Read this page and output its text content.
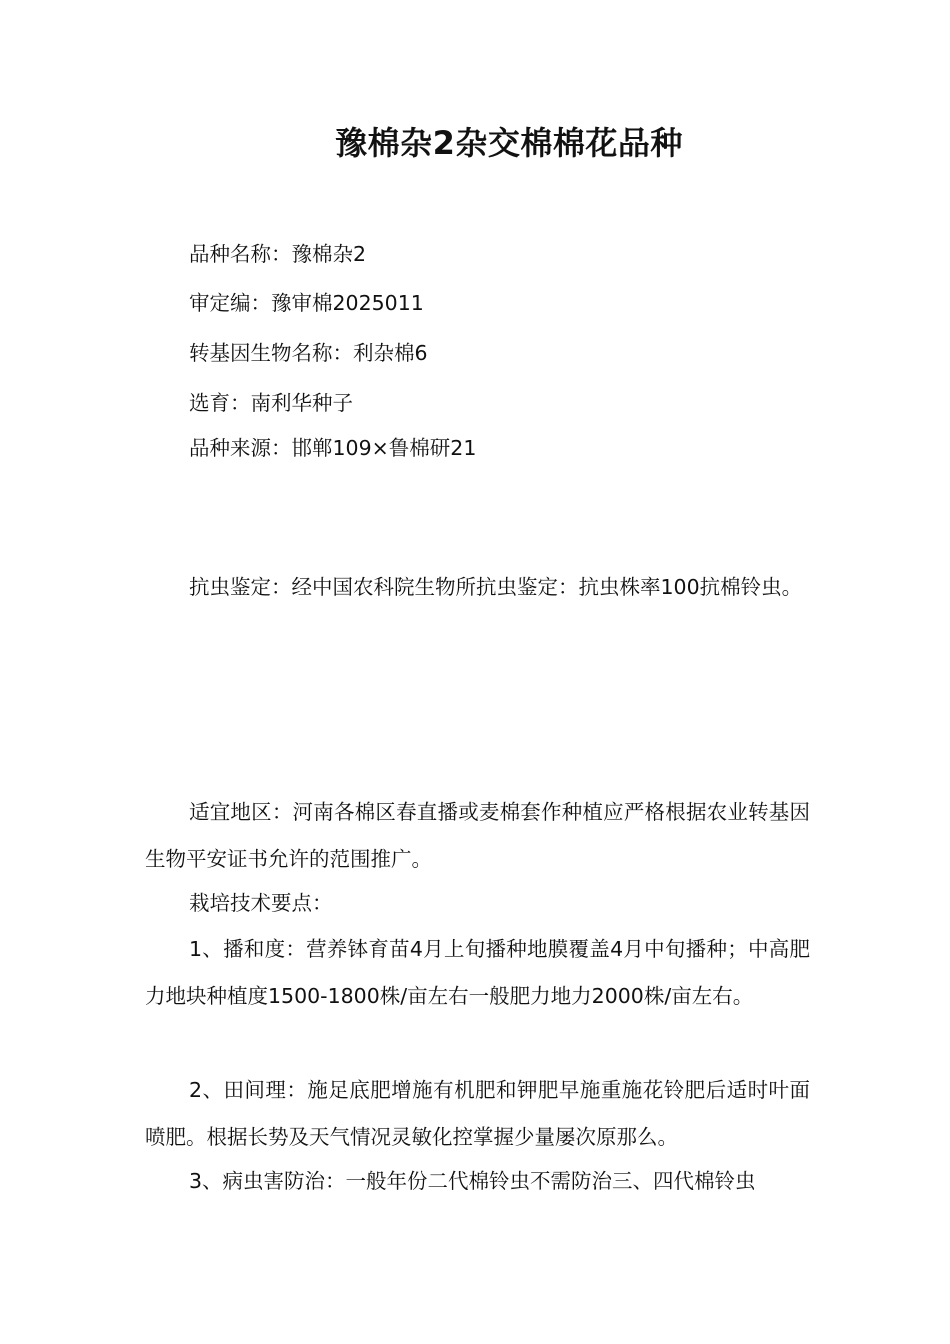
豫棉杂2杂交棉棉花品种

品种名称：豫棉杂2

审定编：豫审棉2025011

转基因生物名称：利杂棉6

选育：南利华种子

品种来源：邯郸109×鲁棉研21

抗虫鉴定：经中国农科院生物所抗虫鉴定：抗虫株率100抗棉铃虫。

适宜地区：河南各棉区春直播或麦棉套作种植应严格根据农业转基因生物平安证书允许的范围推广。

栽培技术要点：

1、播和度：营养钵育苗4月上旬播种地膜覆盖4月中旬播种；中高肥力地块种植度1500-1800株/亩左右一般肥力地力2000株/亩左右。

2、田间理：施足底肥增施有机肥和钾肥早施重施花铃肥后适时叶面喷肥。根据长势及天气情况灵敏化控掌握少量屡次原那么。

3、病虫害防治：一般年份二代棉铃虫不需防治三、四代棉铃虫
